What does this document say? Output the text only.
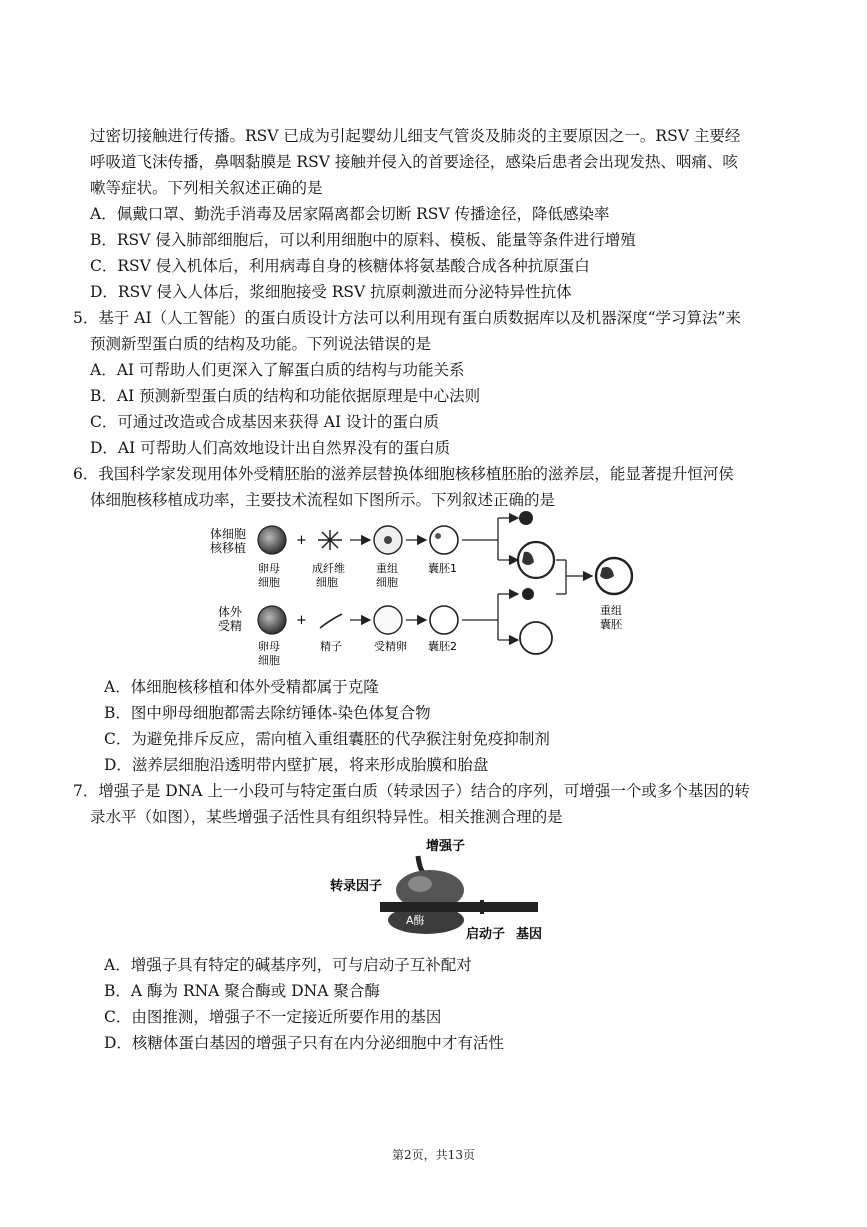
过密切接触进行传播。RSV 已成为引起婴幼儿细支气管炎及肺炎的主要原因之一。RSV 主要经
呼吸道飞沫传播，鼻咽黏膜是 RSV 接触并侵入的首要途径，感染后患者会出现发热、咽痛、咳
嗽等症状。下列相关叙述正确的是
A．佩戴口罩、勤洗手消毒及居家隔离都会切断 RSV 传播途径，降低感染率
B．RSV 侵入肺部细胞后，可以利用细胞中的原料、模板、能量等条件进行增殖
C．RSV 侵入机体后，利用病毒自身的核糖体将氨基酸合成各种抗原蛋白
D．RSV 侵入人体后，浆细胞接受 RSV 抗原刺激进而分泌特异性抗体
5．基于 AI（人工智能）的蛋白质设计方法可以利用现有蛋白质数据库以及机器深度“学习算法”来
预测新型蛋白质的结构及功能。下列说法错误的是
A．AI 可帮助人们更深入了解蛋白质的结构与功能关系
B．AI 预测新型蛋白质的结构和功能依据原理是中心法则
C．可通过改造或合成基因来获得 AI 设计的蛋白质
D．AI 可帮助人们高效地设计出自然界没有的蛋白质
6．我国科学家发现用体外受精胚胎的滋养层替换体细胞核移植胚胎的滋养层，能显著提升恒河侯
体细胞核移植成功率，主要技术流程如下图所示。下列叙述正确的是
体细胞
核移植	+
卵母
细胞
成纤维
细胞
重组
细胞
囊胚1
体外
受精	+
卵母
细胞
精子	受精卵 囊胚2
重组
囊胚
A．体细胞核移植和体外受精都属于克隆
B．图中卵母细胞都需去除纺锤体-染色体复合物
C．为避免排斥反应，需向植入重组囊胚的代孕猴注射免疫抑制剂
D．滋养层细胞沿透明带内壁扩展，将来形成胎膜和胎盘
7．增强子是 DNA 上一小段可与特定蛋白质（转录因子）结合的序列，可增强一个或多个基因的转
录水平（如图），某些增强子活性具有组织特异性。相关推测合理的是
增强子
转录因子
A酶
启动子 基因
A．增强子具有特定的碱基序列，可与启动子互补配对
B．A 酶为 RNA 聚合酶或 DNA 聚合酶
C．由图推测，增强子不一定接近所要作用的基因
D．核糖体蛋白基因的增强子只有在内分泌细胞中才有活性
第2页，共13页
